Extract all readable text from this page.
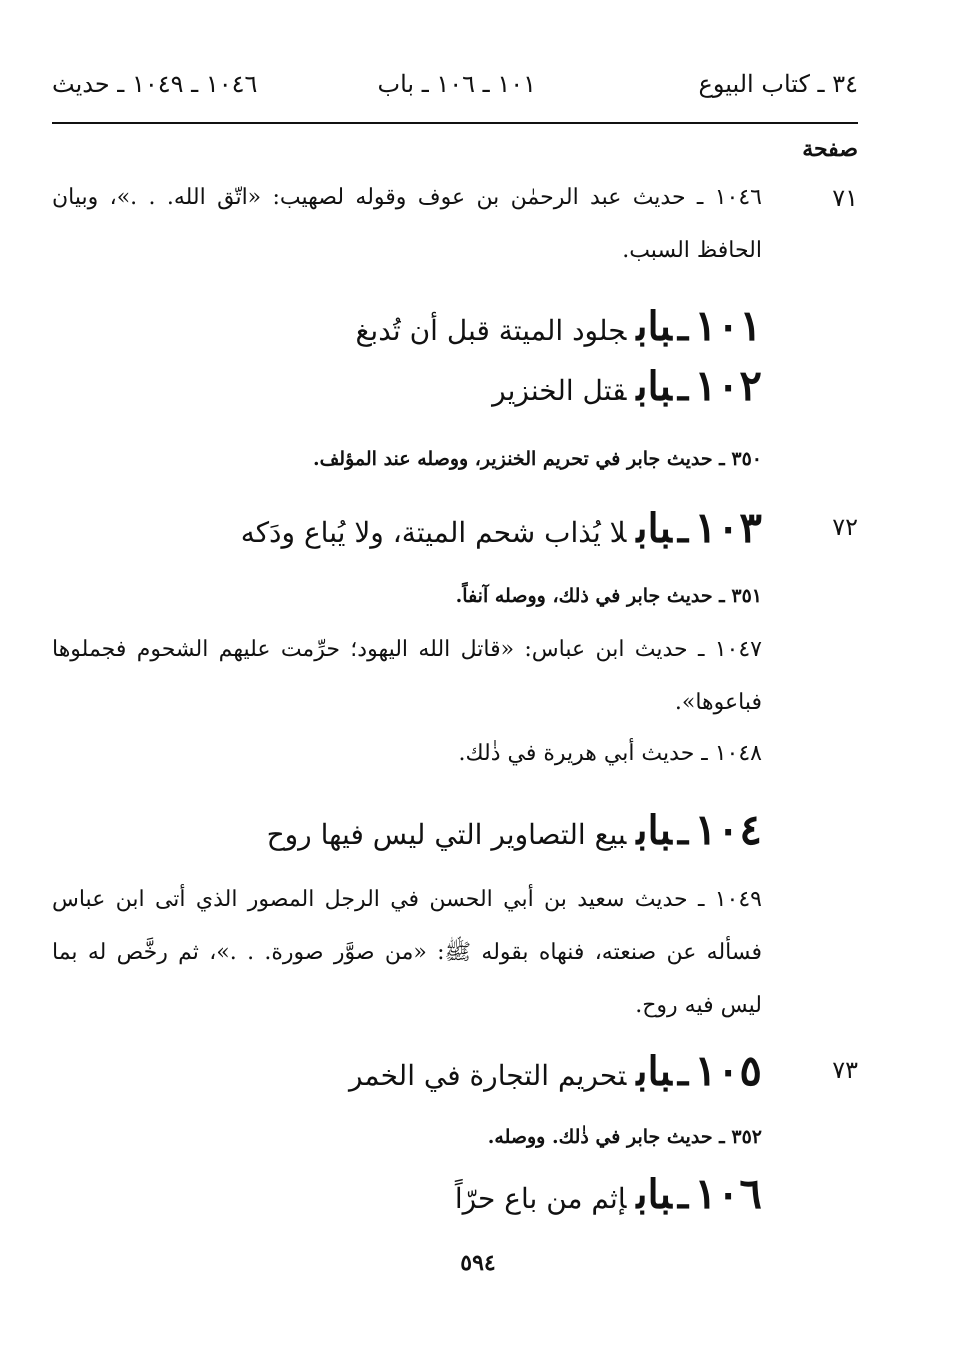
٣٤ ـ كتاب البيوع
١٠١ ـ ١٠٦ ـ باب
١٠٤٦ ـ ١٠٤٩ ـ حديث
صفحة
٧١
١٠٤٦ ـ حديث عبد الرحمٰن بن عوف وقوله لصهيب: «اتّق الله. . .»، وبيان الحافظ السبب.
١٠١ـبابجلود الميتة قبل أن تُدبغ
١٠٢ـبابقتل الخنزير
٣٥٠ ـ حديث جابر في تحريم الخنزير، ووصله عند المؤلف.
٧٢
١٠٣ـبابلا يُذاب شحم الميتة، ولا يُباع ودَكه
٣٥١ ـ حديث جابر في ذلك، ووصله آنفاً.
١٠٤٧ ـ حديث ابن عباس: «قاتل الله اليهود؛ حرِّمت عليهم الشحوم فجملوها فباعوها».
١٠٤٨ ـ حديث أبي هريرة في ذٰلك.
١٠٤ـباببيع التصاوير التي ليس فيها روح
١٠٤٩ ـ حديث سعيد بن أبي الحسن في الرجل المصور الذي أتى ابن عباس فسأله عن صنعته، فنهاه بقوله ﷺ: «من صوَّر صورة. . .»، ثم رخَّص له بما ليس فيه روح.
٧٣
١٠٥ـبابتحريم التجارة في الخمر
٣٥٢ ـ حديث جابر في ذٰلك. ووصله.
١٠٦ـبابإثم من باع حرّاً
٥٩٤
